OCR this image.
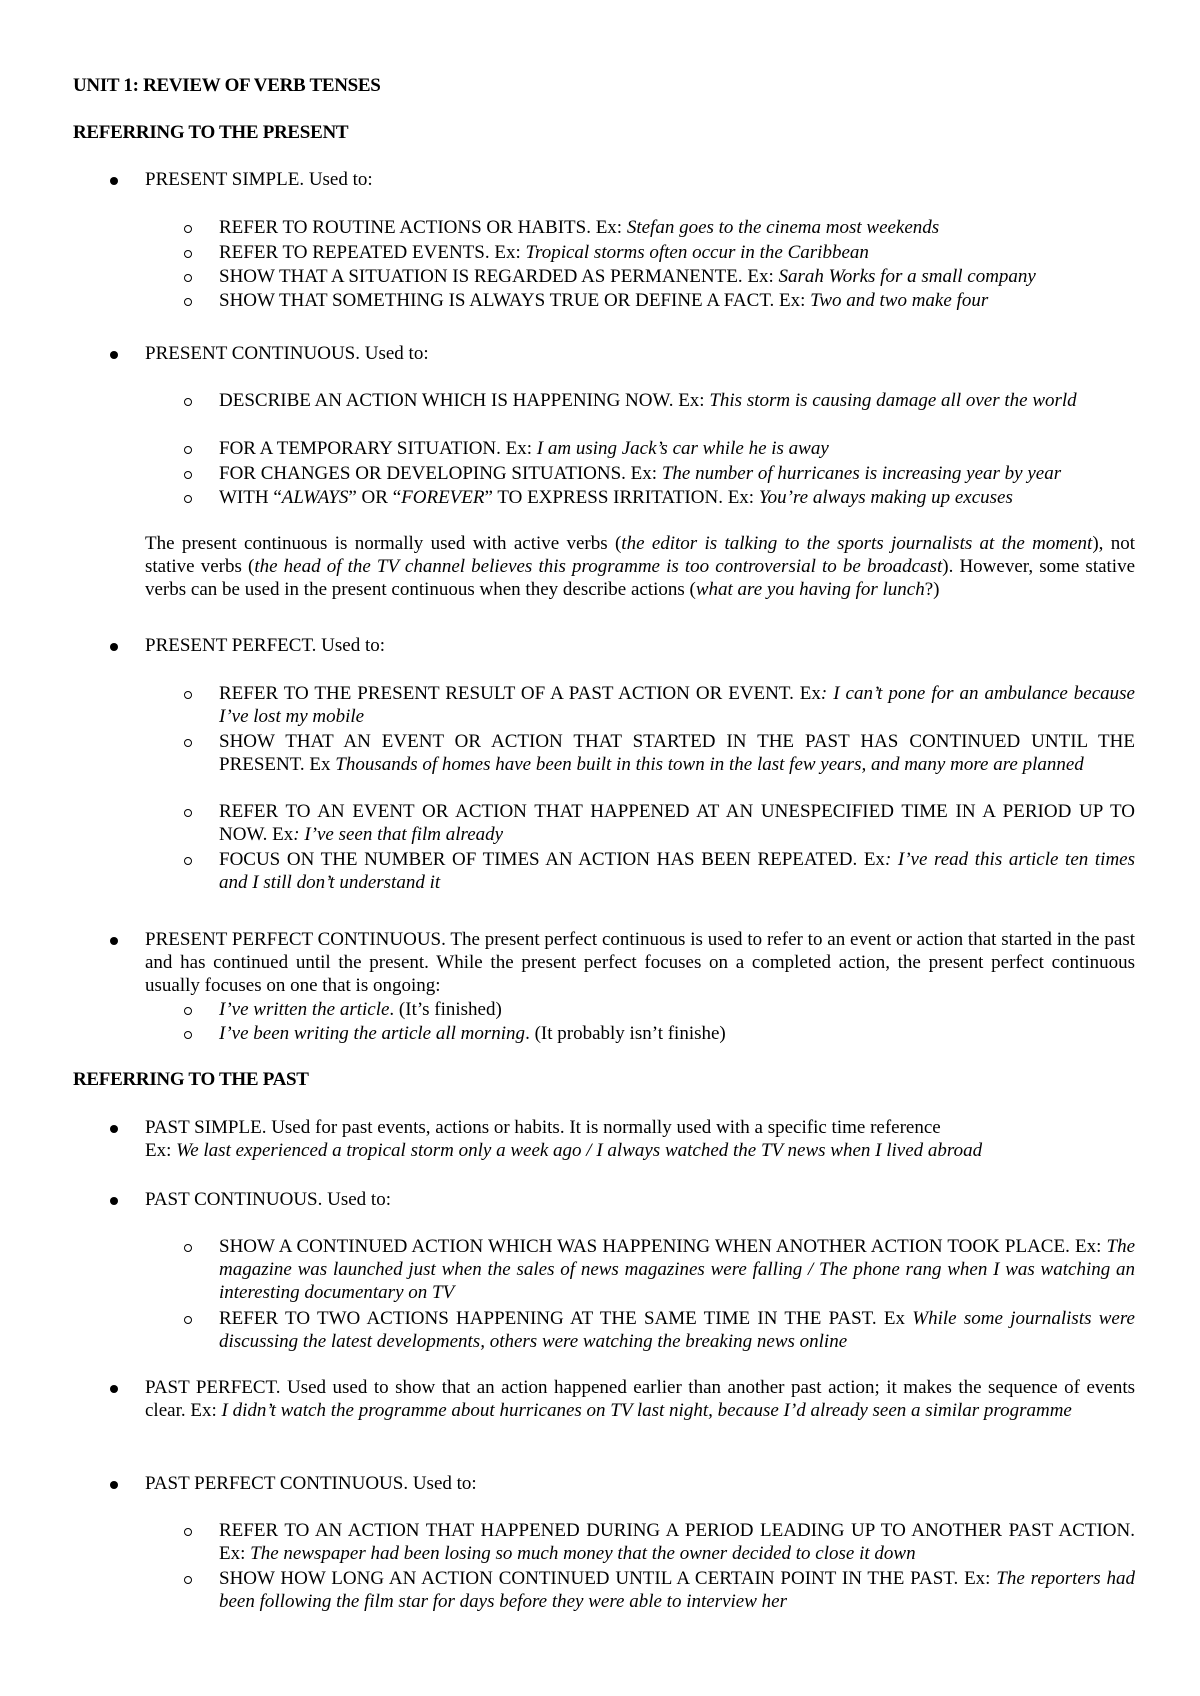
UNIT 1: REVIEW OF VERB TENSES
REFERRING TO THE PRESENT
PRESENT SIMPLE. Used to:
REFER TO ROUTINE ACTIONS OR HABITS. Ex: Stefan goes to the cinema most weekends
REFER TO REPEATED EVENTS. Ex: Tropical storms often occur in the Caribbean
SHOW THAT A SITUATION IS REGARDED AS PERMANENTE. Ex: Sarah Works for a small company
SHOW THAT SOMETHING IS ALWAYS TRUE OR DEFINE A FACT. Ex: Two and two make four
PRESENT CONTINUOUS. Used to:
DESCRIBE AN ACTION WHICH IS HAPPENING NOW. Ex: This storm is causing damage all over the world
FOR A TEMPORARY SITUATION. Ex: I am using Jack’s car while he is away
FOR CHANGES OR DEVELOPING SITUATIONS. Ex: The number of hurricanes is increasing year by year
WITH “ALWAYS” OR “FOREVER” TO EXPRESS IRRITATION. Ex: You’re always making up excuses
The present continuous is normally used with active verbs (the editor is talking to the sports journalists at the moment), not stative verbs (the head of the TV channel believes this programme is too controversial to be broadcast). However, some stative verbs can be used in the present continuous when they describe actions (what are you having for lunch?)
PRESENT PERFECT. Used to:
REFER TO THE PRESENT RESULT OF A PAST ACTION OR EVENT. Ex: I can’t pone for an ambulance because I’ve lost my mobile
SHOW THAT AN EVENT OR ACTION THAT STARTED IN THE PAST HAS CONTINUED UNTIL THE PRESENT. Ex Thousands of homes have been built in this town in the last few years, and many more are planned
REFER TO AN EVENT OR ACTION THAT HAPPENED AT AN UNESPECIFIED TIME IN A PERIOD UP TO NOW. Ex: I’ve seen that film already
FOCUS ON THE NUMBER OF TIMES AN ACTION HAS BEEN REPEATED. Ex: I’ve read this article ten times and I still don’t understand it
PRESENT PERFECT CONTINUOUS. The present perfect continuous is used to refer to an event or action that started in the past and has continued until the present. While the present perfect focuses on a completed action, the present perfect continuous usually focuses on one that is ongoing:
I’ve written the article. (It’s finished)
I’ve been writing the article all morning. (It probably isn’t finishe)
REFERRING TO THE PAST
PAST SIMPLE. Used for past events, actions or habits. It is normally used with a specific time reference
Ex: We last experienced a tropical storm only a week ago / I always watched the TV news when I lived abroad
PAST CONTINUOUS. Used to:
SHOW A CONTINUED ACTION WHICH WAS HAPPENING WHEN ANOTHER ACTION TOOK PLACE. Ex: The magazine was launched just when the sales of news magazines were falling / The phone rang when I was watching an interesting documentary on TV
REFER TO TWO ACTIONS HAPPENING AT THE SAME TIME IN THE PAST. Ex While some journalists were discussing the latest developments, others were watching the breaking news online
PAST PERFECT. Used used to show that an action happened earlier than another past action; it makes the sequence of events clear. Ex: I didn’t watch the programme about hurricanes on TV last night, because I’d already seen a similar programme
PAST PERFECT CONTINUOUS. Used to:
REFER TO AN ACTION THAT HAPPENED DURING A PERIOD LEADING UP TO ANOTHER PAST ACTION. Ex: The newspaper had been losing so much money that the owner decided to close it down
SHOW HOW LONG AN ACTION CONTINUED UNTIL A CERTAIN POINT IN THE PAST. Ex: The reporters had been following the film star for days before they were able to interview her
